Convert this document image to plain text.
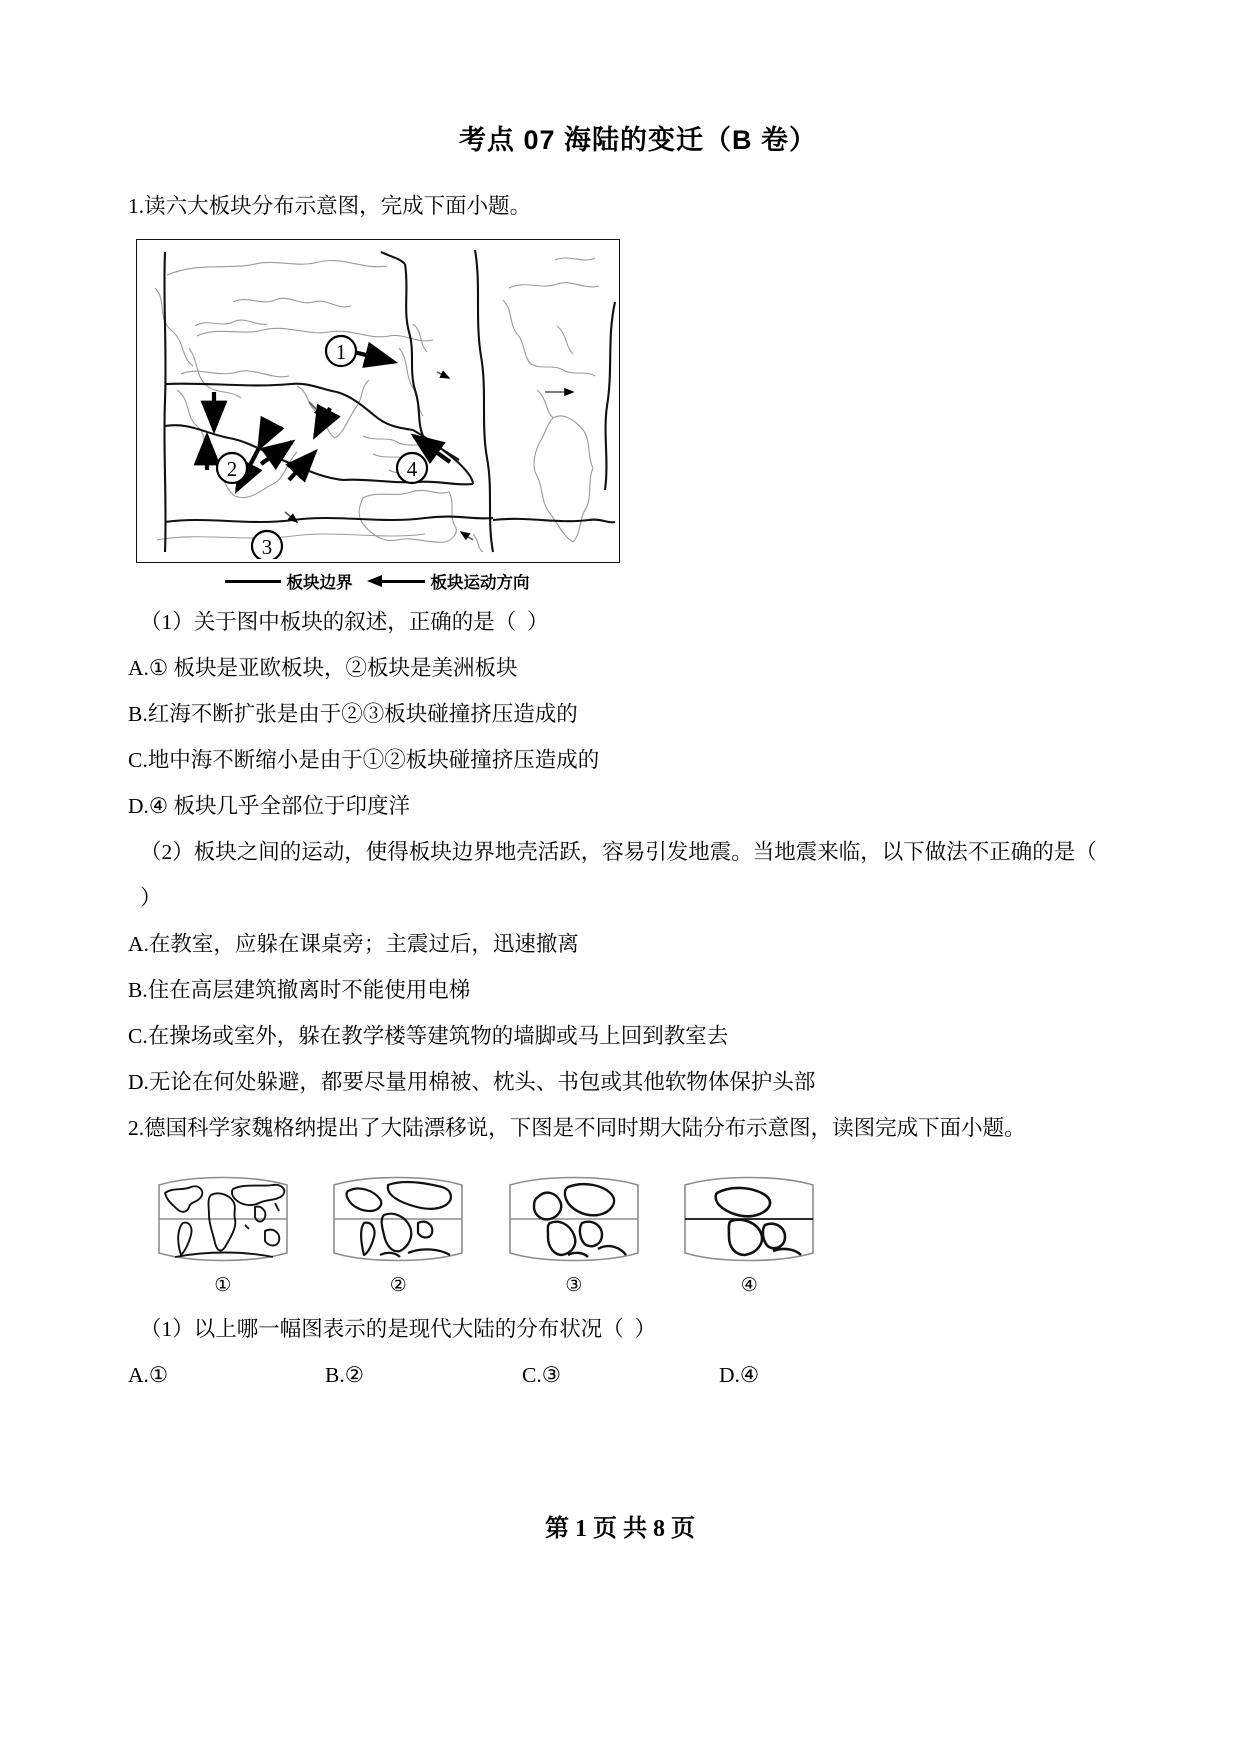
考点 07 海陆的变迁（B 卷）
1.读六大板块分布示意图，完成下面小题。
1
2
3
4
板块边界	板块运动方向
（1）关于图中板块的叙述，正确的是（  ）
A.① 板块是亚欧板块，②板块是美洲板块
B.红海不断扩张是由于②③板块碰撞挤压造成的
C.地中海不断缩小是由于①②板块碰撞挤压造成的
D.④ 板块几乎全部位于印度洋
（2）板块之间的运动，使得板块边界地壳活跃，容易引发地震。当地震来临，以下做法不正确的是（  ）
A.在教室，应躲在课桌旁；主震过后，迅速撤离
B.住在高层建筑撤离时不能使用电梯
C.在操场或室外，躲在教学楼等建筑物的墙脚或马上回到教室去
D.无论在何处躲避，都要尽量用棉被、枕头、书包或其他软物体保护头部
2.德国科学家魏格纳提出了大陆漂移说，下图是不同时期大陆分布示意图，读图完成下面小题。
①	②	③	④
（1）以上哪一幅图表示的是现代大陆的分布状况（  ）
A.①	B.②	C.③	D.④
第 1 页 共 8 页
